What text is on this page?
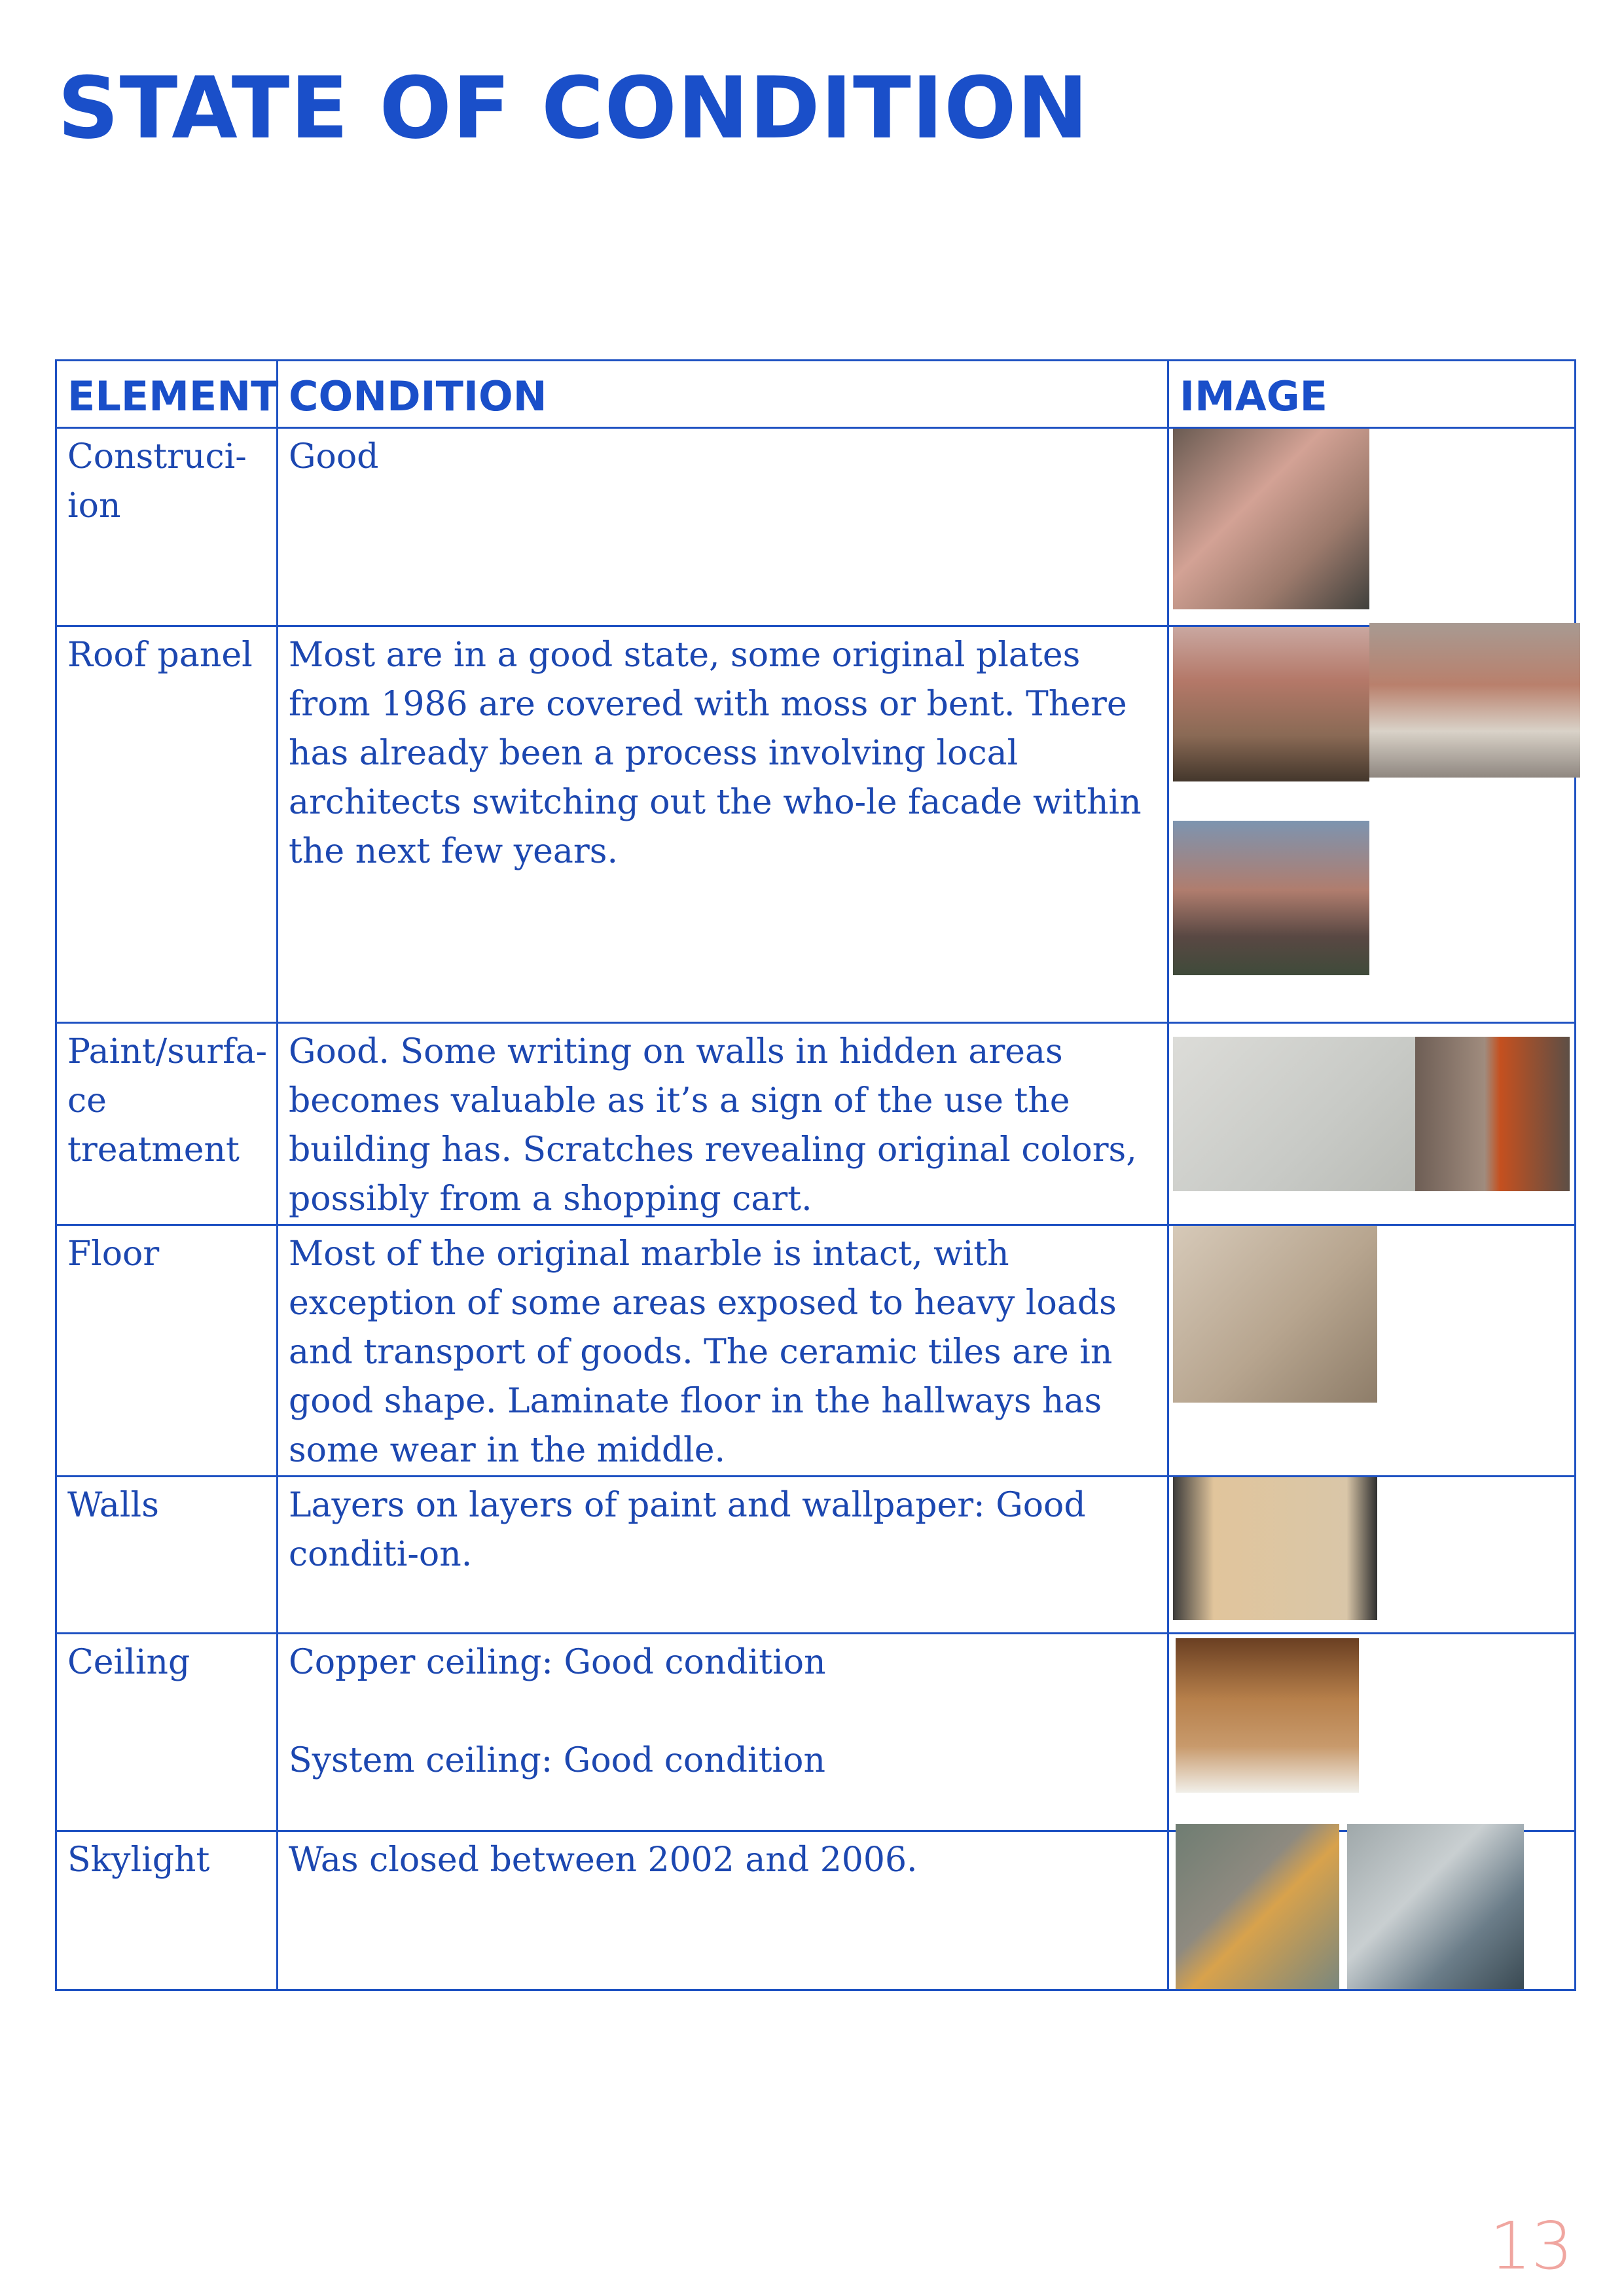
STATE OF CONDITION
ELEMENT	CONDITION	IMAGE
Construci-
ion	Good	

Roof panel	Most are in a good state, some original plates from 1986 are covered with moss or bent. There has already been a process involving local architects switching out the who-le facade within the next few years.	

Paint/surfa-
ce treatment	Good. Some writing on walls in hidden areas becomes valuable as it’s a sign of the use the building has. Scratches revealing original colors, possibly from a shopping cart.	

Floor	Most of the original marble is intact, with exception of some areas exposed to heavy loads and transport of goods. The ceramic tiles are in good shape. Laminate floor in the hallways has some wear in the middle.	

Walls	Layers on layers of paint and wallpaper: Good conditi-on.	

Ceiling	Copper ceiling: Good condition
System ceiling: Good condition	

Skylight	Was closed between 2002 and 2006.	

13
